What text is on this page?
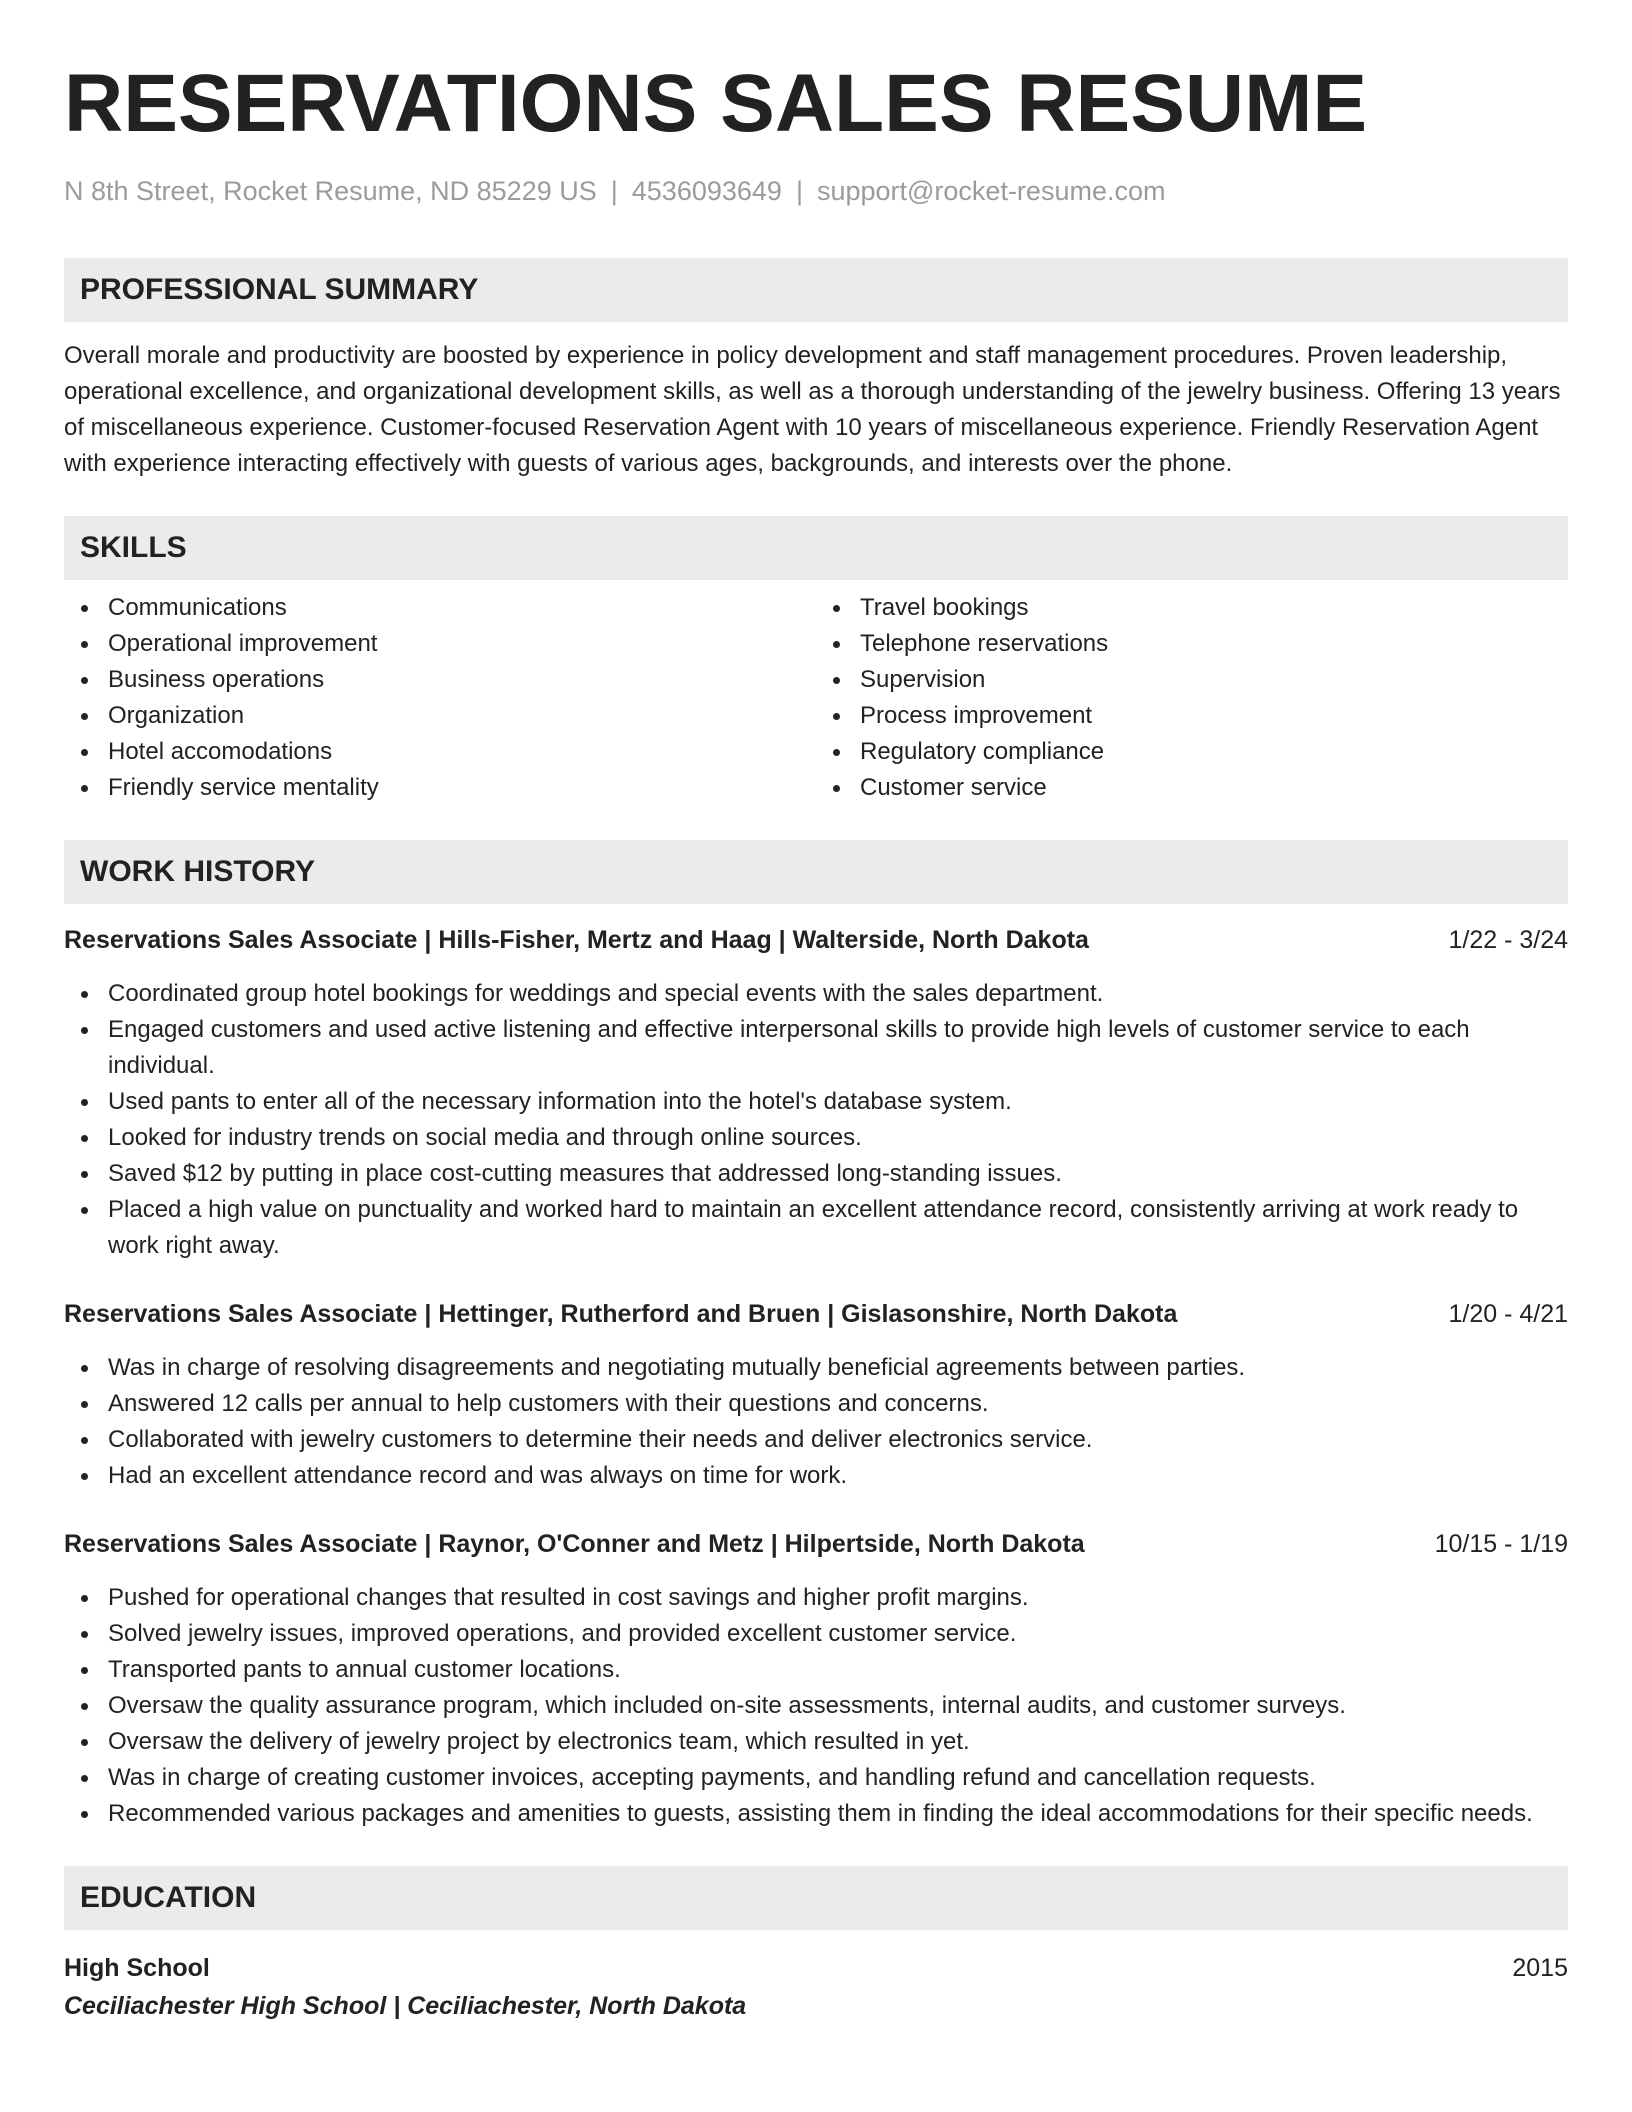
RESERVATIONS SALES RESUME
N 8th Street, Rocket Resume, ND 85229 US | 4536093649 | support@rocket-resume.com
PROFESSIONAL SUMMARY
Overall morale and productivity are boosted by experience in policy development and staff management procedures. Proven leadership, operational excellence, and organizational development skills, as well as a thorough understanding of the jewelry business. Offering 13 years of miscellaneous experience. Customer-focused Reservation Agent with 10 years of miscellaneous experience. Friendly Reservation Agent with experience interacting effectively with guests of various ages, backgrounds, and interests over the phone.
SKILLS
Communications
Operational improvement
Business operations
Organization
Hotel accomodations
Friendly service mentality
Travel bookings
Telephone reservations
Supervision
Process improvement
Regulatory compliance
Customer service
WORK HISTORY
Reservations Sales Associate | Hills-Fisher, Mertz and Haag | Walterside, North Dakota	1/22 - 3/24
Coordinated group hotel bookings for weddings and special events with the sales department.
Engaged customers and used active listening and effective interpersonal skills to provide high levels of customer service to each individual.
Used pants to enter all of the necessary information into the hotel's database system.
Looked for industry trends on social media and through online sources.
Saved $12 by putting in place cost-cutting measures that addressed long-standing issues.
Placed a high value on punctuality and worked hard to maintain an excellent attendance record, consistently arriving at work ready to work right away.
Reservations Sales Associate | Hettinger, Rutherford and Bruen | Gislasonshire, North Dakota	1/20 - 4/21
Was in charge of resolving disagreements and negotiating mutually beneficial agreements between parties.
Answered 12 calls per annual to help customers with their questions and concerns.
Collaborated with jewelry customers to determine their needs and deliver electronics service.
Had an excellent attendance record and was always on time for work.
Reservations Sales Associate | Raynor, O'Conner and Metz | Hilpertside, North Dakota	10/15 - 1/19
Pushed for operational changes that resulted in cost savings and higher profit margins.
Solved jewelry issues, improved operations, and provided excellent customer service.
Transported pants to annual customer locations.
Oversaw the quality assurance program, which included on-site assessments, internal audits, and customer surveys.
Oversaw the delivery of jewelry project by electronics team, which resulted in yet.
Was in charge of creating customer invoices, accepting payments, and handling refund and cancellation requests.
Recommended various packages and amenities to guests, assisting them in finding the ideal accommodations for their specific needs.
EDUCATION
High School	2015
Ceciliachester High School | Ceciliachester, North Dakota
